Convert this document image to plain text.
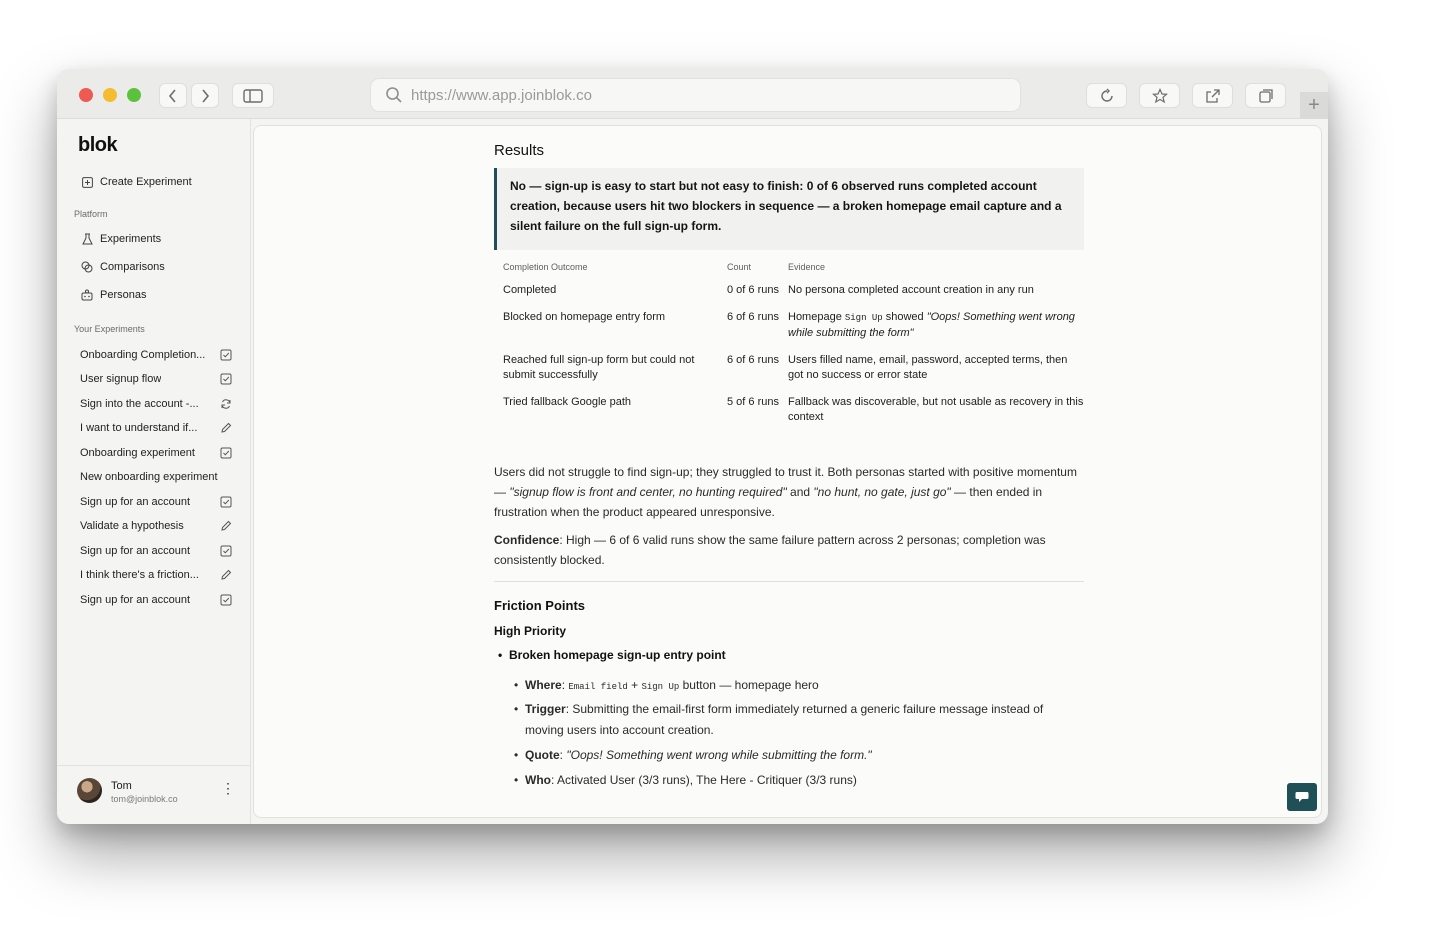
https://www.app.joinblok.co	+
blok
Create Experiment
Platform
Experiments
Comparisons
Personas
Your Experiments
Onboarding Completion...
User signup flow
Sign into the account -...
I want to understand if...
Onboarding experiment
New onboarding experiment
Sign up for an account
Validate a hypothesis
Sign up for an account
I think there's a friction...
Sign up for an account
Tom
tom@joinblok.co
⋮
Results
No — sign-up is easy to start but not easy to finish: 0 of 6 observed runs completed account creation, because users hit two blockers in sequence — a broken homepage email capture and a silent failure on the full sign-up form.
Completion Outcome	Count	Evidence
Completed	0 of 6 runs	No persona completed account creation in any run
Blocked on homepage entry form	6 of 6 runs	Homepage Sign Up showed "Oops! Something went wrong while submitting the form"
Reached full sign-up form but could not submit successfully	6 of 6 runs	Users filled name, email, password, accepted terms, then got no success or error state
Tried fallback Google path	5 of 6 runs	Fallback was discoverable, but not usable as recovery in this context
Users did not struggle to find sign-up; they struggled to trust it. Both personas started with positive momentum — "signup flow is front and center, no hunting required" and "no hunt, no gate, just go" — then ended in frustration when the product appeared unresponsive.
Confidence: High — 6 of 6 valid runs show the same failure pattern across 2 personas; completion was consistently blocked.
Friction Points
High Priority
• Broken homepage sign-up entry point
• Where: Email field + Sign Up button — homepage hero
• Trigger: Submitting the email-first form immediately returned a generic failure message instead of moving users into account creation.
• Quote: "Oops! Something went wrong while submitting the form."
• Who: Activated User (3/3 runs), The Here - Critiquer (3/3 runs)
